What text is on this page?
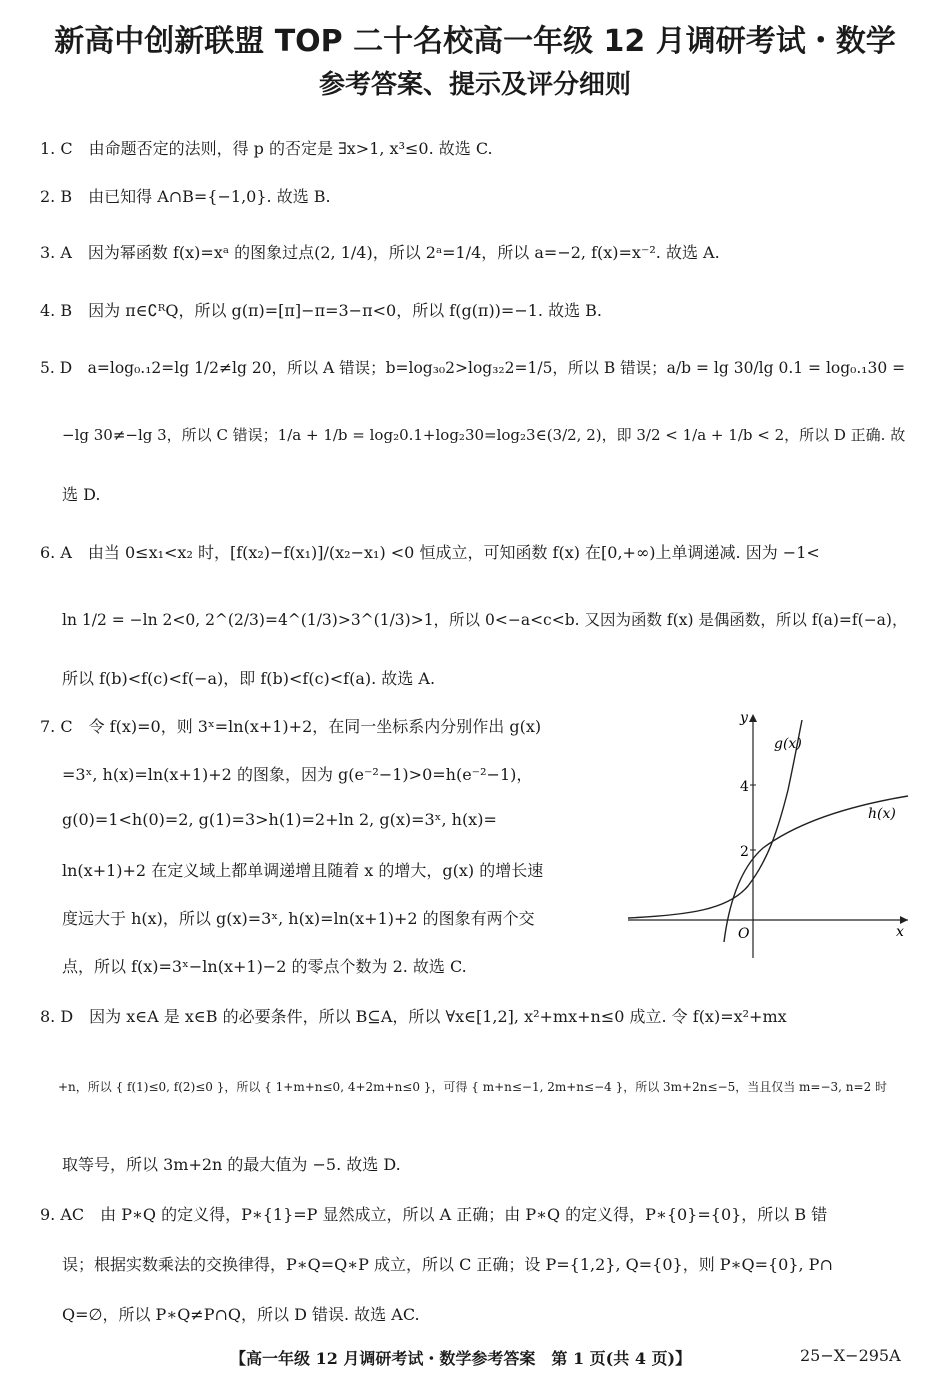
新高中创新联盟 TOP 二十名校高一年级 12 月调研考试・数学
参考答案、提示及评分细则
1. C　由命题否定的法则，得 p 的否定是 ∃x>1, x³≤0. 故选 C.
2. B　由已知得 A∩B={−1,0}. 故选 B.
3. A　因为幂函数 f(x)=xᵃ 的图象过点(2, 1/4)，所以 2ᵃ=1/4，所以 a=−2, f(x)=x⁻². 故选 A.
4. B　因为 π∈∁ᴿQ，所以 g(π)=[π]−π=3−π<0，所以 f(g(π))=−1. 故选 B.
5. D　a=log₀.₁2=lg 1/2≠lg 20，所以 A 错误；b=log₃₀2>log₃₂2=1/5，所以 B 错误；a/b = lg 30/lg 0.1 = log₀.₁30 =
−lg 30≠−lg 3，所以 C 错误；1/a + 1/b = log₂0.1+log₂30=log₂3∈(3/2, 2)，即 3/2 < 1/a + 1/b < 2，所以 D 正确. 故
选 D.
6. A　由当 0≤x₁<x₂ 时，[f(x₂)−f(x₁)]/(x₂−x₁) <0 恒成立，可知函数 f(x) 在[0,+∞)上单调递减. 因为 −1<
ln 1/2 = −ln 2<0, 2^(2/3)=4^(1/3)>3^(1/3)>1，所以 0<−a<c<b. 又因为函数 f(x) 是偶函数，所以 f(a)=f(−a)，
所以 f(b)<f(c)<f(−a)，即 f(b)<f(c)<f(a). 故选 A.
7. C　令 f(x)=0，则 3ˣ=ln(x+1)+2，在同一坐标系内分别作出 g(x)
=3ˣ, h(x)=ln(x+1)+2 的图象，因为 g(e⁻²−1)>0=h(e⁻²−1)，
g(0)=1<h(0)=2, g(1)=3>h(1)=2+ln 2, g(x)=3ˣ, h(x)=
ln(x+1)+2 在定义域上都单调递增且随着 x 的增大，g(x) 的增长速
度远大于 h(x)，所以 g(x)=3ˣ, h(x)=ln(x+1)+2 的图象有两个交
点，所以 f(x)=3ˣ−ln(x+1)−2 的零点个数为 2. 故选 C.
4
2
O	x
y
g(x)
h(x)
8. D　因为 x∈A 是 x∈B 的必要条件，所以 B⊆A，所以 ∀x∈[1,2], x²+mx+n≤0 成立. 令 f(x)=x²+mx
+n，所以 { f(1)≤0, f(2)≤0 }，所以 { 1+m+n≤0, 4+2m+n≤0 }，可得 { m+n≤−1, 2m+n≤−4 }，所以 3m+2n≤−5，当且仅当 m=−3, n=2 时
取等号，所以 3m+2n 的最大值为 −5. 故选 D.
9. AC　由 P∗Q 的定义得，P∗{1}=P 显然成立，所以 A 正确；由 P∗Q 的定义得，P∗{0}={0}，所以 B 错
误；根据实数乘法的交换律得，P∗Q=Q∗P 成立，所以 C 正确；设 P={1,2}, Q={0}，则 P∗Q={0}, P∩
Q=∅，所以 P∗Q≠P∩Q，所以 D 错误. 故选 AC.
【高一年级 12 月调研考试・数学参考答案　第 1 页(共 4 页)】	25−X−295A
